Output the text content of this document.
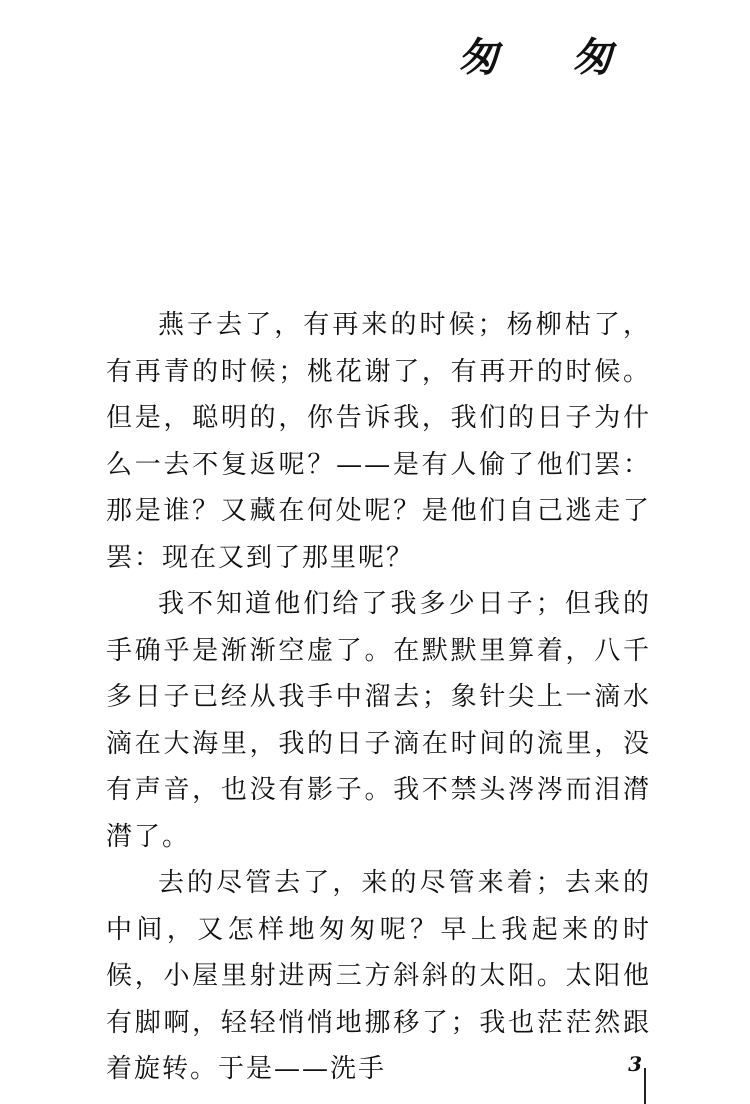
匆 匆

燕子去了，有再来的时候；杨柳枯了，有再青的时候；桃花谢了，有再开的时候。但是，聪明的，你告诉我，我们的日子为什么一去不复返呢？——是有人偷了他们罢：那是谁？又藏在何处呢？是他们自己逃走了罢：现在又到了那里呢？

我不知道他们给了我多少日子；但我的手确乎是渐渐空虚了。在默默里算着，八千多日子已经从我手中溜去；象针尖上一滴水滴在大海里，我的日子滴在时间的流里，没有声音，也没有影子。我不禁头涔涔而泪潸潸了。

去的尽管去了，来的尽管来着；去来的中间，又怎样地匆匆呢？早上我起来的时候，小屋里射进两三方斜斜的太阳。太阳他有脚啊，轻轻悄悄地挪移了；我也茫茫然跟着旋转。于是——洗手	3
